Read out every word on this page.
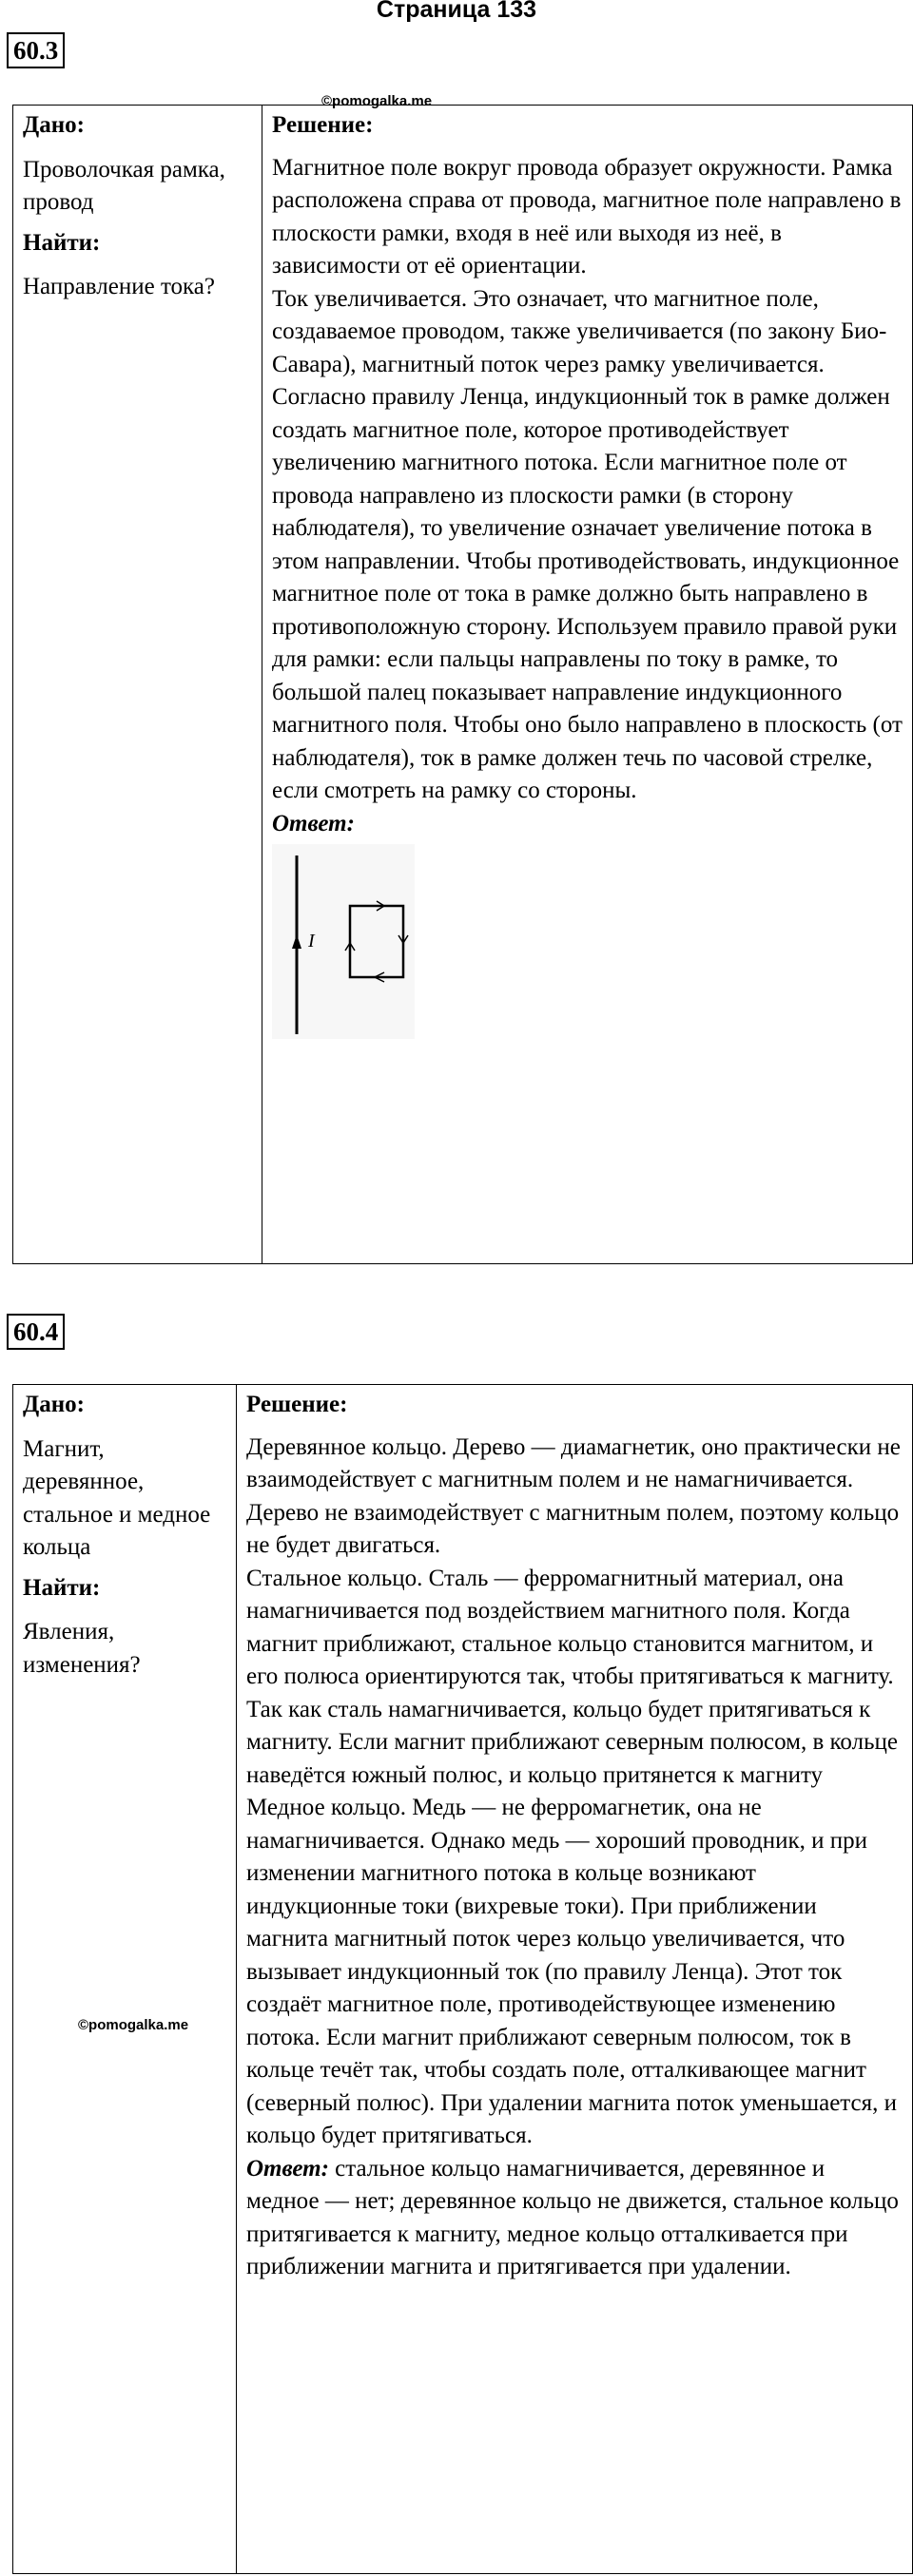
Страница 133
60.3
©pomogalka.me
Дано:
Проволочкая рамка, провод
Найти:
Направление тока?

Решение:
Магнитное поле вокруг провода образует окружности. Рамка расположена справа от провода, магнитное поле направлено в плоскости рамки, входя в неё или выходя из неё, в зависимости от её ориентации.
Ток увеличивается. Это означает, что магнитное поле, создаваемое проводом, также увеличивается (по закону Био-Савара), магнитный поток через рамку увеличивается. Согласно правилу Ленца, индукционный ток в рамке должен создать магнитное поле, которое противодействует увеличению магнитного потока. Если магнитное поле от провода направлено из плоскости рамки (в сторону наблюдателя), то увеличение означает увеличение потока в этом направлении. Чтобы противодействовать, индукционное магнитное поле от тока в рамке должно быть направлено в противоположную сторону. Используем правило правой руки для рамки: если пальцы направлены по току в рамке, то большой палец показывает направление индукционного магнитного поля. Чтобы оно было направлено в плоскость (от наблюдателя), ток в рамке должен течь по часовой стрелке, если смотреть на рамку со стороны.
Ответ:
I
60.4
©pomogalka.me
Дано:
Магнит, деревянное, стальное и медное кольца
Найти:
Явления, изменения?

Решение:
Деревянное кольцо. Дерево — диамагнетик, оно практически не взаимодействует с магнитным полем и не намагничивается. Дерево не взаимодействует с магнитным полем, поэтому кольцо не будет двигаться.
Стальное кольцо. Сталь — ферромагнитный материал, она намагничивается под воздействием магнитного поля. Когда магнит приближают, стальное кольцо становится магнитом, и его полюса ориентируются так, чтобы притягиваться к магниту. Так как сталь намагничивается, кольцо будет притягиваться к магниту. Если магнит приближают северным полюсом, в кольце наведётся южный полюс, и кольцо притянется к магниту
Медное кольцо. Медь — не ферромагнетик, она не намагничивается. Однако медь — хороший проводник, и при изменении магнитного потока в кольце возникают индукционные токи (вихревые токи). При приближении магнита магнитный поток через кольцо увеличивается, что вызывает индукционный ток (по правилу Ленца). Этот ток создаёт магнитное поле, противодействующее изменению потока. Если магнит приближают северным полюсом, ток в кольце течёт так, чтобы создать поле, отталкивающее магнит (северный полюс). При удалении магнита поток уменьшается, и кольцо будет притягиваться.
Ответ: стальное кольцо намагничивается, деревянное и медное — нет; деревянное кольцо не движется, стальное кольцо притягивается к магниту, медное кольцо отталкивается при приближении магнита и притягивается при удалении.
